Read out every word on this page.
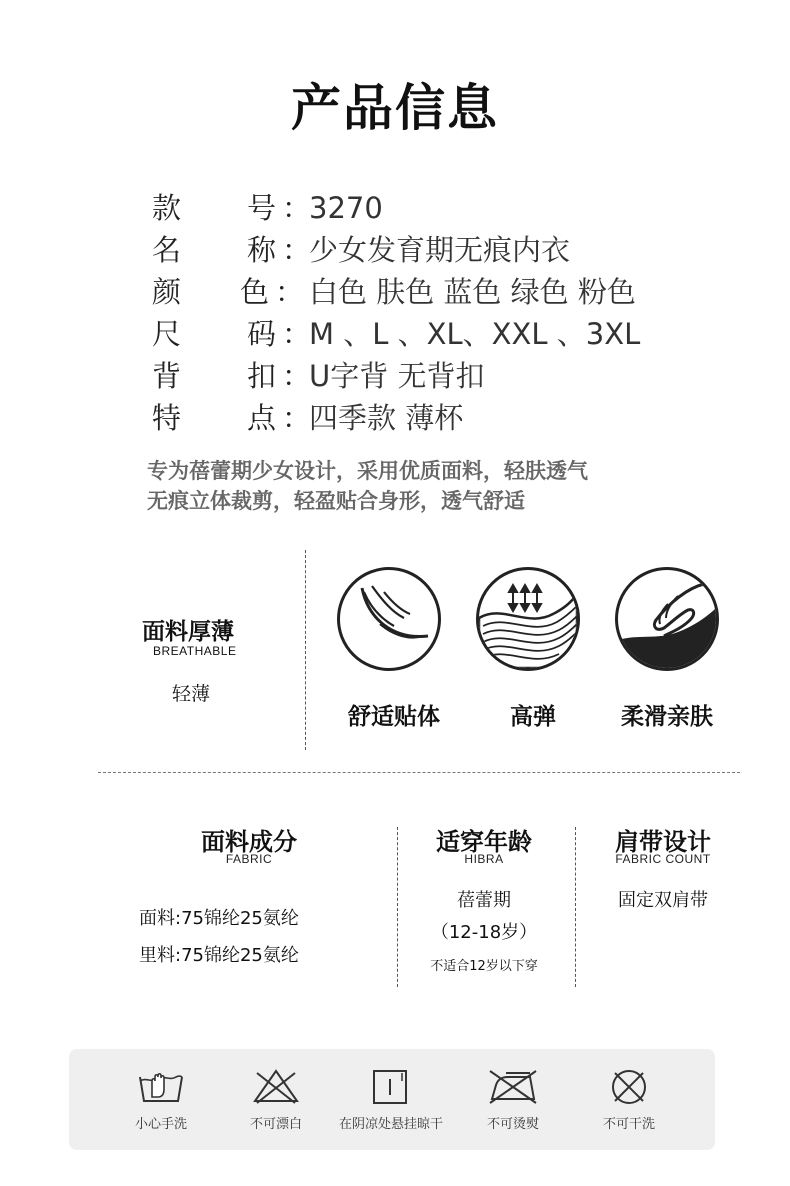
产品信息
款	号 ：
3270
名	称 ：
少女发育期无痕内衣
颜	色 ： 白色 肤色 蓝色 绿色 粉色
尺	码 ：
M 、L 、XL、XXL 、3XL
背	扣 ：
U字背 无背扣
特	点 ：
四季款 薄杯
专为蓓蕾期少女设计，采用优质面料，轻肤透气
无痕立体裁剪，轻盈贴合身形，透气舒适
面料厚薄
BREATHABLE
轻薄
舒适贴体	高弹	柔滑亲肤
面料成分
FABRIC
面料:75锦纶25氨纶
里料:75锦纶25氨纶
适穿年龄
HIBRA
蓓蕾期
（12-18岁）
不适合12岁以下穿
肩带设计
FABRIC COUNT
固定双肩带
小心手洗	不可漂白	在阴凉处悬挂晾干	不可烫熨	不可干洗
